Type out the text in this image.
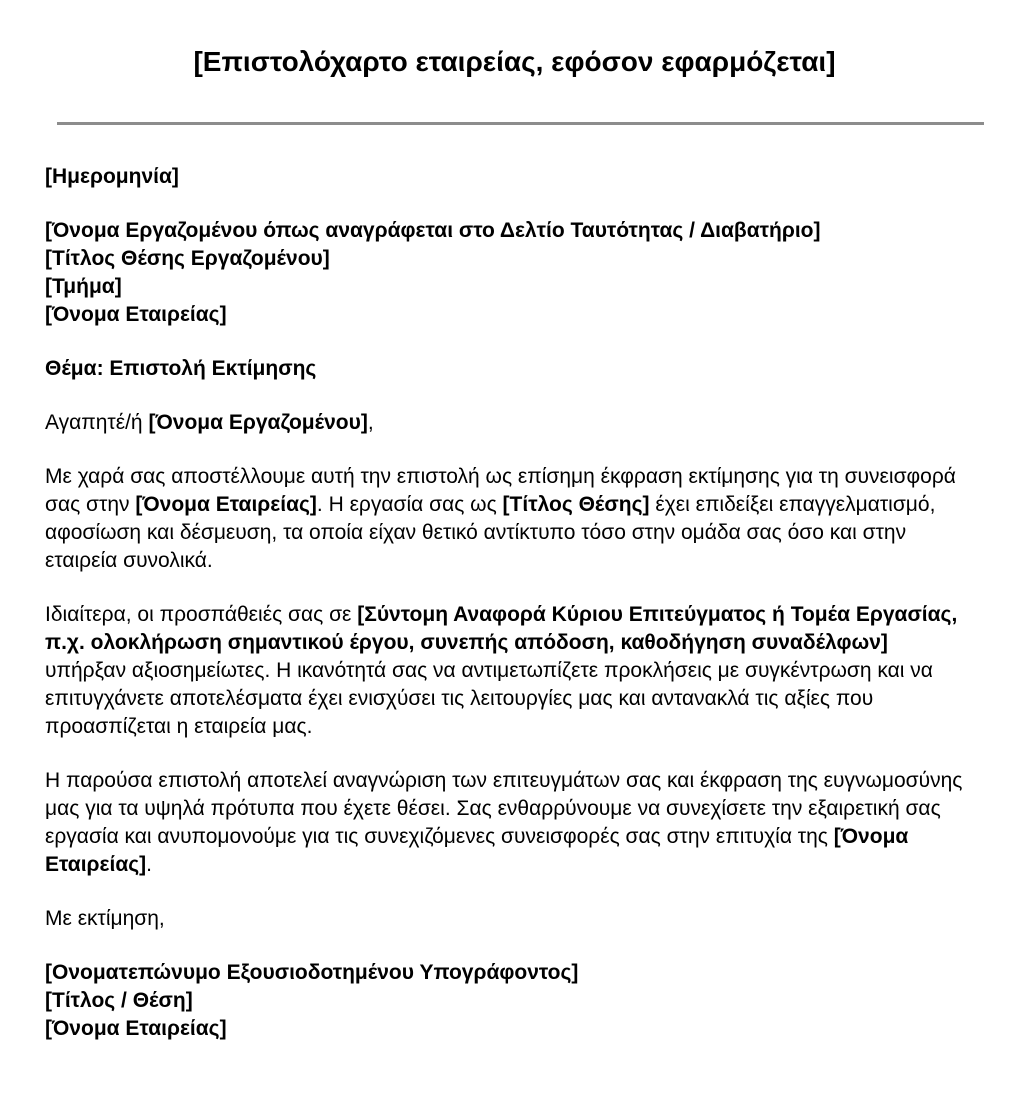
[Επιστολόχαρτο εταιρείας, εφόσον εφαρμόζεται]

[Ημερομηνία]

[Όνομα Εργαζομένου όπως αναγράφεται στο Δελτίο Ταυτότητας / Διαβατήριο]
[Τίτλος Θέσης Εργαζομένου]
[Τμήμα]
[Όνομα Εταιρείας]

Θέμα: Επιστολή Εκτίμησης

Αγαπητέ/ή [Όνομα Εργαζομένου],

Με χαρά σας αποστέλλουμε αυτή την επιστολή ως επίσημη έκφραση εκτίμησης για τη συνεισφορά σας στην [Όνομα Εταιρείας]. Η εργασία σας ως [Τίτλος Θέσης] έχει επιδείξει επαγγελματισμό, αφοσίωση και δέσμευση, τα οποία είχαν θετικό αντίκτυπο τόσο στην ομάδα σας όσο και στην εταιρεία συνολικά.

Ιδιαίτερα, οι προσπάθειές σας σε [Σύντομη Αναφορά Κύριου Επιτεύγματος ή Τομέα Εργασίας, π.χ. ολοκλήρωση σημαντικού έργου, συνεπής απόδοση, καθοδήγηση συναδέλφων] υπήρξαν αξιοσημείωτες. Η ικανότητά σας να αντιμετωπίζετε προκλήσεις με συγκέντρωση και να επιτυγχάνετε αποτελέσματα έχει ενισχύσει τις λειτουργίες μας και αντανακλά τις αξίες που προασπίζεται η εταιρεία μας.

Η παρούσα επιστολή αποτελεί αναγνώριση των επιτευγμάτων σας και έκφραση της ευγνωμοσύνης μας για τα υψηλά πρότυπα που έχετε θέσει. Σας ενθαρρύνουμε να συνεχίσετε την εξαιρετική σας εργασία και ανυπομονούμε για τις συνεχιζόμενες συνεισφορές σας στην επιτυχία της [Όνομα Εταιρείας].

Με εκτίμηση,

[Ονοματεπώνυμο Εξουσιοδοτημένου Υπογράφοντος]
[Τίτλος / Θέση]
[Όνομα Εταιρείας]
